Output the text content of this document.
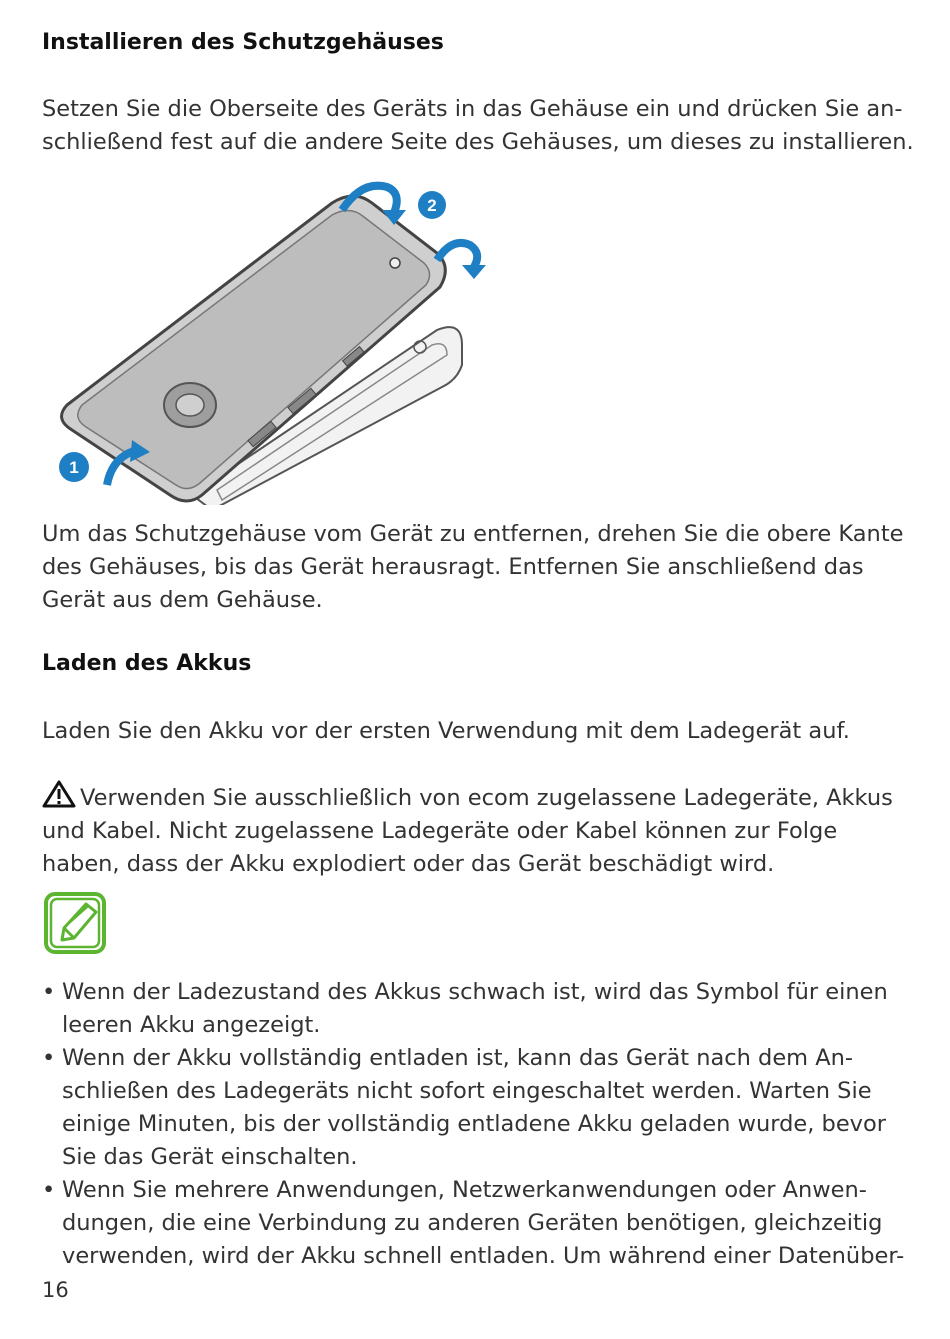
Installieren des Schutzgehäuses

Setzen Sie die Oberseite des Geräts in das Gehäuse ein und drücken Sie an-
schließend fest auf die andere Seite des Gehäuses, um dieses zu installieren.

2
1

Um das Schutzgehäuse vom Gerät zu entfernen, drehen Sie die obere Kante
des Gehäuses, bis das Gerät herausragt. Entfernen Sie anschließend das
Gerät aus dem Gehäuse.

Laden des Akkus

Laden Sie den Akku vor der ersten Verwendung mit dem Ladegerät auf.

Verwenden Sie ausschließlich von ecom zugelassene Ladegeräte, Akkus
und Kabel. Nicht zugelassene Ladegeräte oder Kabel können zur Folge
haben, dass der Akku explodiert oder das Gerät beschädigt wird.

• Wenn der Ladezustand des Akkus schwach ist, wird das Symbol für einen
leeren Akku angezeigt.
• Wenn der Akku vollständig entladen ist, kann das Gerät nach dem An-
schließen des Ladegeräts nicht sofort eingeschaltet werden. Warten Sie
einige Minuten, bis der vollständig entladene Akku geladen wurde, bevor
Sie das Gerät einschalten.
• Wenn Sie mehrere Anwendungen, Netzwerkanwendungen oder Anwen-
dungen, die eine Verbindung zu anderen Geräten benötigen, gleichzeitig
verwenden, wird der Akku schnell entladen. Um während einer Datenüber-
16
